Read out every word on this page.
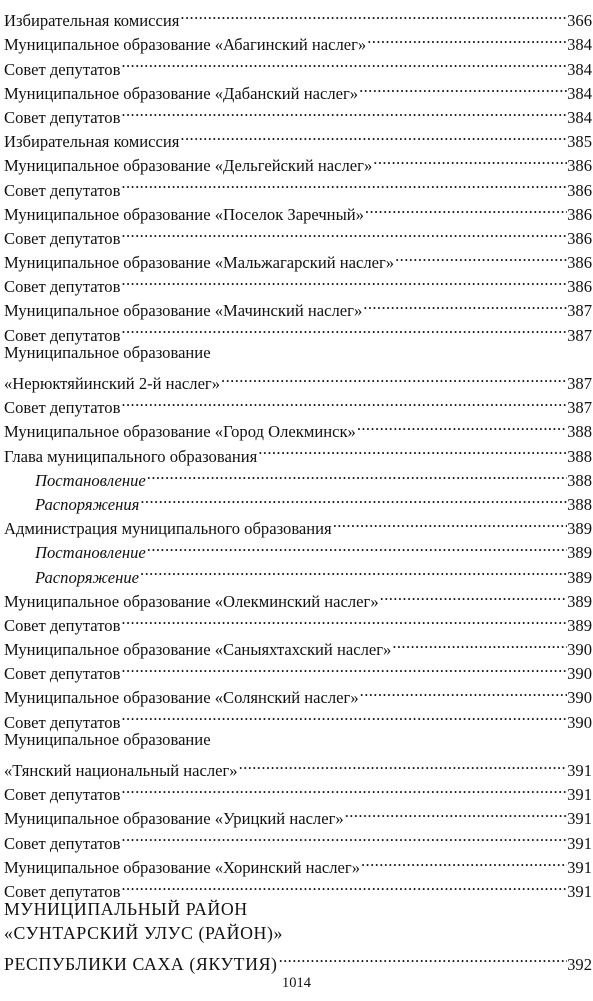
Избирательная комиссия .....	366
Муниципальное образование «Абагинский наслег» .....	384
Совет депутатов .....	384
Муниципальное образование «Дабанский наслег» .....	384
Совет депутатов .....	384
Избирательная комиссия .....	385
Муниципальное образование «Дельгейский наслег» .....	386
Совет депутатов .....	386
Муниципальное образование «Поселок Заречный» .....	386
Совет депутатов .....	386
Муниципальное образование «Мальжагарский наслег» .....	386
Совет депутатов .....	386
Муниципальное образование «Мачинский наслег» .....	387
Совет депутатов .....	387
Муниципальное образование
«Нерюктяйинский 2-й наслег» .....	387
Совет депутатов .....	387
Муниципальное образование «Город Олекминск» .....	388
Глава муниципального образования .....	388
Постановление .....	388
Распоряжения .....	388
Администрация муниципального образования .....	389
Постановление .....	389
Распоряжение .....	389
Муниципальное образование «Олекминский наслег» .....	389
Совет депутатов .....	389
Муниципальное образование «Саныяхтахский наслег» .....	390
Совет депутатов .....	390
Муниципальное образование «Солянский наслег» .....	390
Совет депутатов .....	390
Муниципальное образование
«Тянский национальный наслег» .....	391
Совет депутатов .....	391
Муниципальное образование «Урицкий наслег» .....	391
Совет депутатов .....	391
Муниципальное образование «Хоринский наслег» .....	391
Совет депутатов .....	391
МУНИЦИПАЛЬНЫЙ РАЙОН
«СУНТАРСКИЙ УЛУС (РАЙОН)»
РЕСПУБЛИКИ САХА (ЯКУТИЯ) .....	392
1014
